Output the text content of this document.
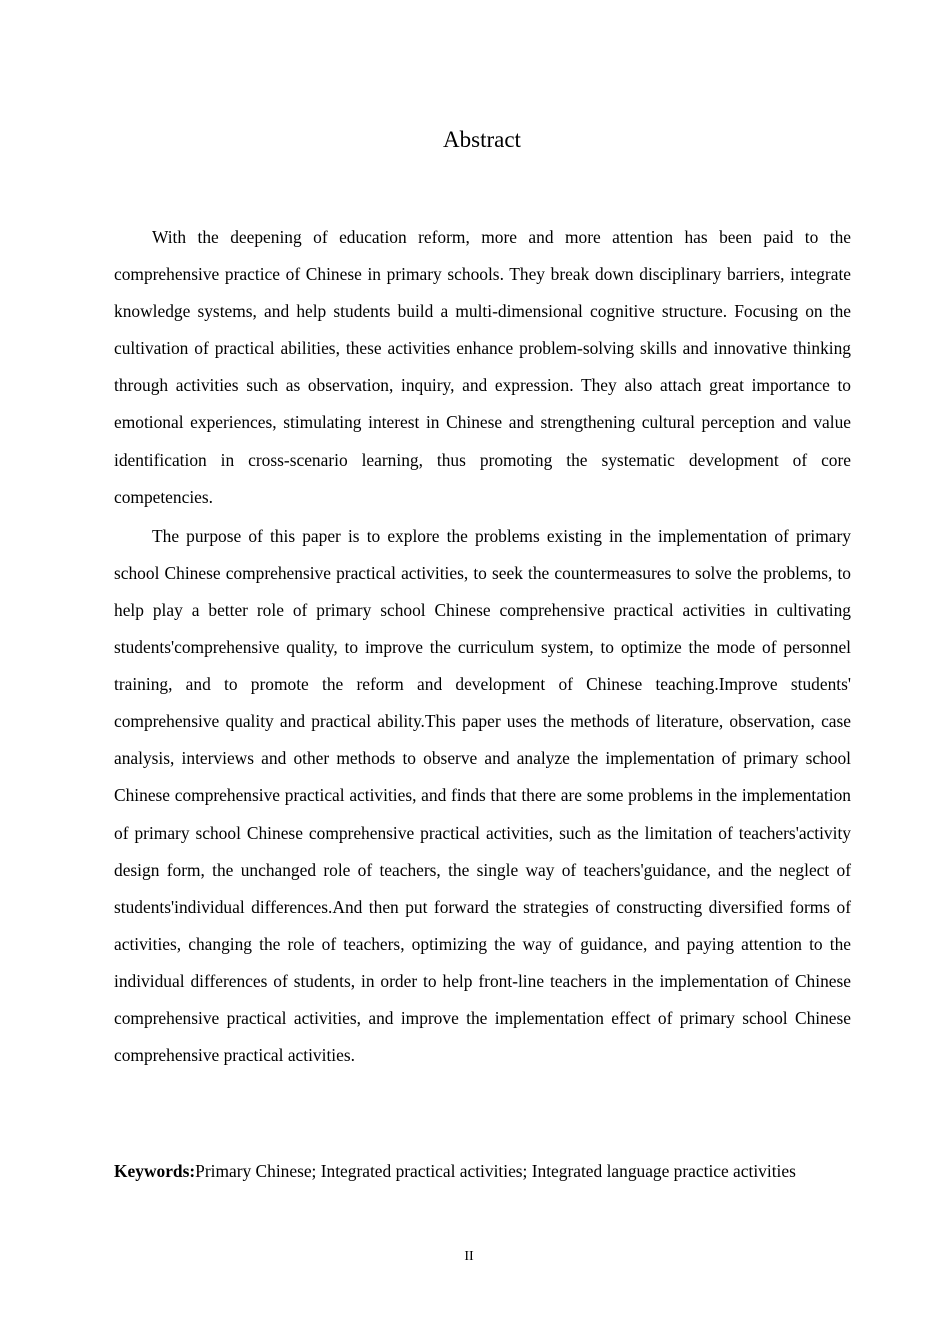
Abstract

With the deepening of education reform, more and more attention has been paid to the comprehensive practice of Chinese in primary schools. They break down disciplinary barriers, integrate knowledge systems, and help students build a multi-dimensional cognitive structure. Focusing on the cultivation of practical abilities, these activities enhance problem-solving skills and innovative thinking through activities such as observation, inquiry, and expression. They also attach great importance to emotional experiences, stimulating interest in Chinese and strengthening cultural perception and value identification in cross-scenario learning, thus promoting the systematic development of core competencies.

The purpose of this paper is to explore the problems existing in the implementation of primary school Chinese comprehensive practical activities, to seek the countermeasures to solve the problems, to help play a better role of primary school Chinese comprehensive practical activities in cultivating students'comprehensive quality, to improve the curriculum system, to optimize the mode of personnel training, and to promote the reform and development of Chinese teaching.Improve students' comprehensive quality and practical ability.This paper uses the methods of literature, observation, case analysis, interviews and other methods to observe and analyze the implementation of primary school Chinese comprehensive practical activities, and finds that there are some problems in the implementation of primary school Chinese comprehensive practical activities, such as the limitation of teachers'activity design form, the unchanged role of teachers, the single way of teachers'guidance, and the neglect of students'individual differences.And then put forward the strategies of constructing diversified forms of activities, changing the role of teachers, optimizing the way of guidance, and paying attention to the individual differences of students, in order to help front-line teachers in the implementation of Chinese comprehensive practical activities, and improve the implementation effect of primary school Chinese comprehensive practical activities.

Keywords:Primary Chinese; Integrated practical activities; Integrated language practice activities

II
